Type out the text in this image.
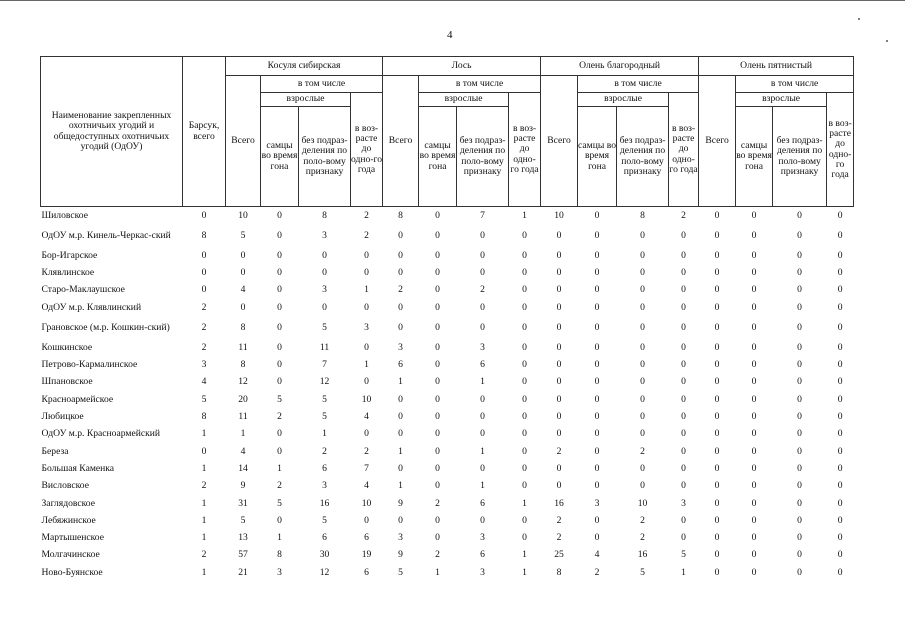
4
Наименование закрепленных охотничьих угодий и общедоступных охотничьих угодий (ОдОУ)	Барсук, всего	Косуля сибирская				Лось				Олень благородный				Олень пятнистый			
		Всего	в том числе			Всего	в том числе			Всего	в том числе			Всего	в том числе		
			взрослые		в воз-расте до одно-го года		взрослые		в воз-расте до одно-го года		взрослые		в воз-расте до одно-го года		взрослые		в воз-расте до одно-го года
			самцы во время гона	без подраз-деления по поло-вому признаку			самцы во время гона	без подраз-деления по поло-вому признаку			самцы во время гона	без подраз-деления по поло-вому признаку			самцы во время гона	без подраз-деления по поло-вому признаку	
Шиловское	0	10	0	8	2	8	0	7	1	10	0	8	2	0	0	0	0
ОдОУ м.р. Кинель-Черкас-ский	8	5	0	3	2	0	0	0	0	0	0	0	0	0	0	0	0
Бор-Игарское	0	0	0	0	0	0	0	0	0	0	0	0	0	0	0	0	0
Клявлинское	0	0	0	0	0	0	0	0	0	0	0	0	0	0	0	0	0
Старо-Маклаушское	0	4	0	3	1	2	0	2	0	0	0	0	0	0	0	0	0
ОдОУ м.р. Клявлинский	2	0	0	0	0	0	0	0	0	0	0	0	0	0	0	0	0
Грановское (м.р. Кошкин-ский)	2	8	0	5	3	0	0	0	0	0	0	0	0	0	0	0	0
Кошкинское	2	11	0	11	0	3	0	3	0	0	0	0	0	0	0	0	0
Петрово-Кармалинское	3	8	0	7	1	6	0	6	0	0	0	0	0	0	0	0	0
Шпановское	4	12	0	12	0	1	0	1	0	0	0	0	0	0	0	0	0
Красноармейское	5	20	5	5	10	0	0	0	0	0	0	0	0	0	0	0	0
Любицкое	8	11	2	5	4	0	0	0	0	0	0	0	0	0	0	0	0
ОдОУ м.р. Красноармейский	1	1	0	1	0	0	0	0	0	0	0	0	0	0	0	0	0
Береза	0	4	0	2	2	1	0	1	0	2	0	2	0	0	0	0	0
Большая Каменка	1	14	1	6	7	0	0	0	0	0	0	0	0	0	0	0	0
Висловское	2	9	2	3	4	1	0	1	0	0	0	0	0	0	0	0	0
Заглядовское	1	31	5	16	10	9	2	6	1	16	3	10	3	0	0	0	0
Лебяжинское	1	5	0	5	0	0	0	0	0	2	0	2	0	0	0	0	0
Мартышенское	1	13	1	6	6	3	0	3	0	2	0	2	0	0	0	0	0
Молгачинское	2	57	8	30	19	9	2	6	1	25	4	16	5	0	0	0	0
Ново-Буянское	1	21	3	12	6	5	1	3	1	8	2	5	1	0	0	0	0
